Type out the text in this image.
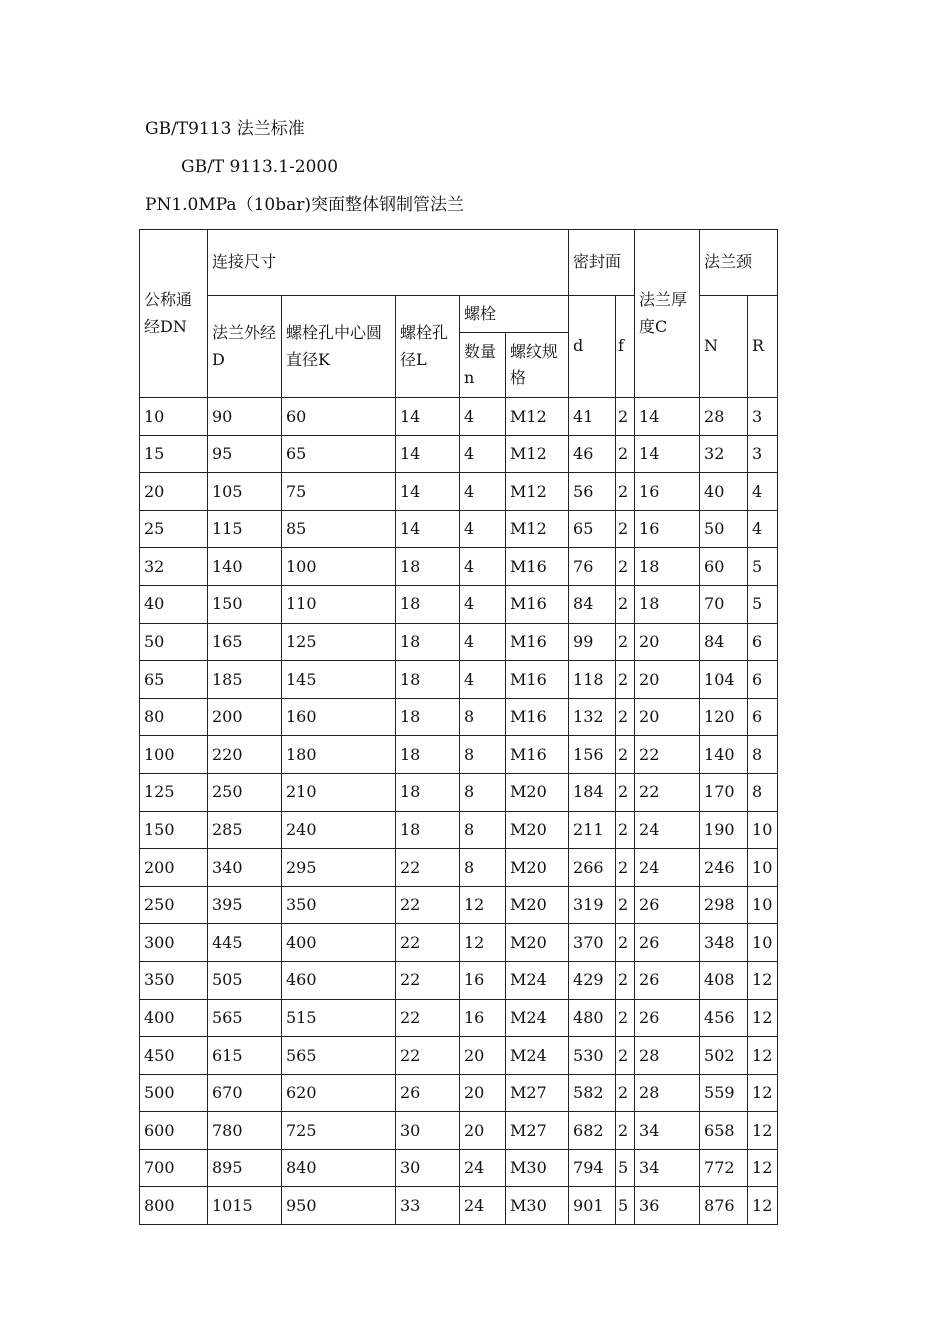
GB/T9113 法兰标准
GB/T 9113.1-2000
PN1.0MPa（10bar)突面整体钢制管法兰
公称通经DN	连接尺寸					密封面		法兰厚度C	法兰颈	
	法兰外经D	螺栓孔中心圆直径K	螺栓孔径L	螺栓		d	f		N	R
				数量n	螺纹规格					
10	90	60	14	4	M12	41	2	14	28	3
15	95	65	14	4	M12	46	2	14	32	3
20	105	75	14	4	M12	56	2	16	40	4
25	115	85	14	4	M12	65	2	16	50	4
32	140	100	18	4	M16	76	2	18	60	5
40	150	110	18	4	M16	84	2	18	70	5
50	165	125	18	4	M16	99	2	20	84	6
65	185	145	18	4	M16	118	2	20	104	6
80	200	160	18	8	M16	132	2	20	120	6
100	220	180	18	8	M16	156	2	22	140	8
125	250	210	18	8	M20	184	2	22	170	8
150	285	240	18	8	M20	211	2	24	190	10
200	340	295	22	8	M20	266	2	24	246	10
250	395	350	22	12	M20	319	2	26	298	10
300	445	400	22	12	M20	370	2	26	348	10
350	505	460	22	16	M24	429	2	26	408	12
400	565	515	22	16	M24	480	2	26	456	12
450	615	565	22	20	M24	530	2	28	502	12
500	670	620	26	20	M27	582	2	28	559	12
600	780	725	30	20	M27	682	2	34	658	12
700	895	840	30	24	M30	794	5	34	772	12
800	1015	950	33	24	M30	901	5	36	876	12
